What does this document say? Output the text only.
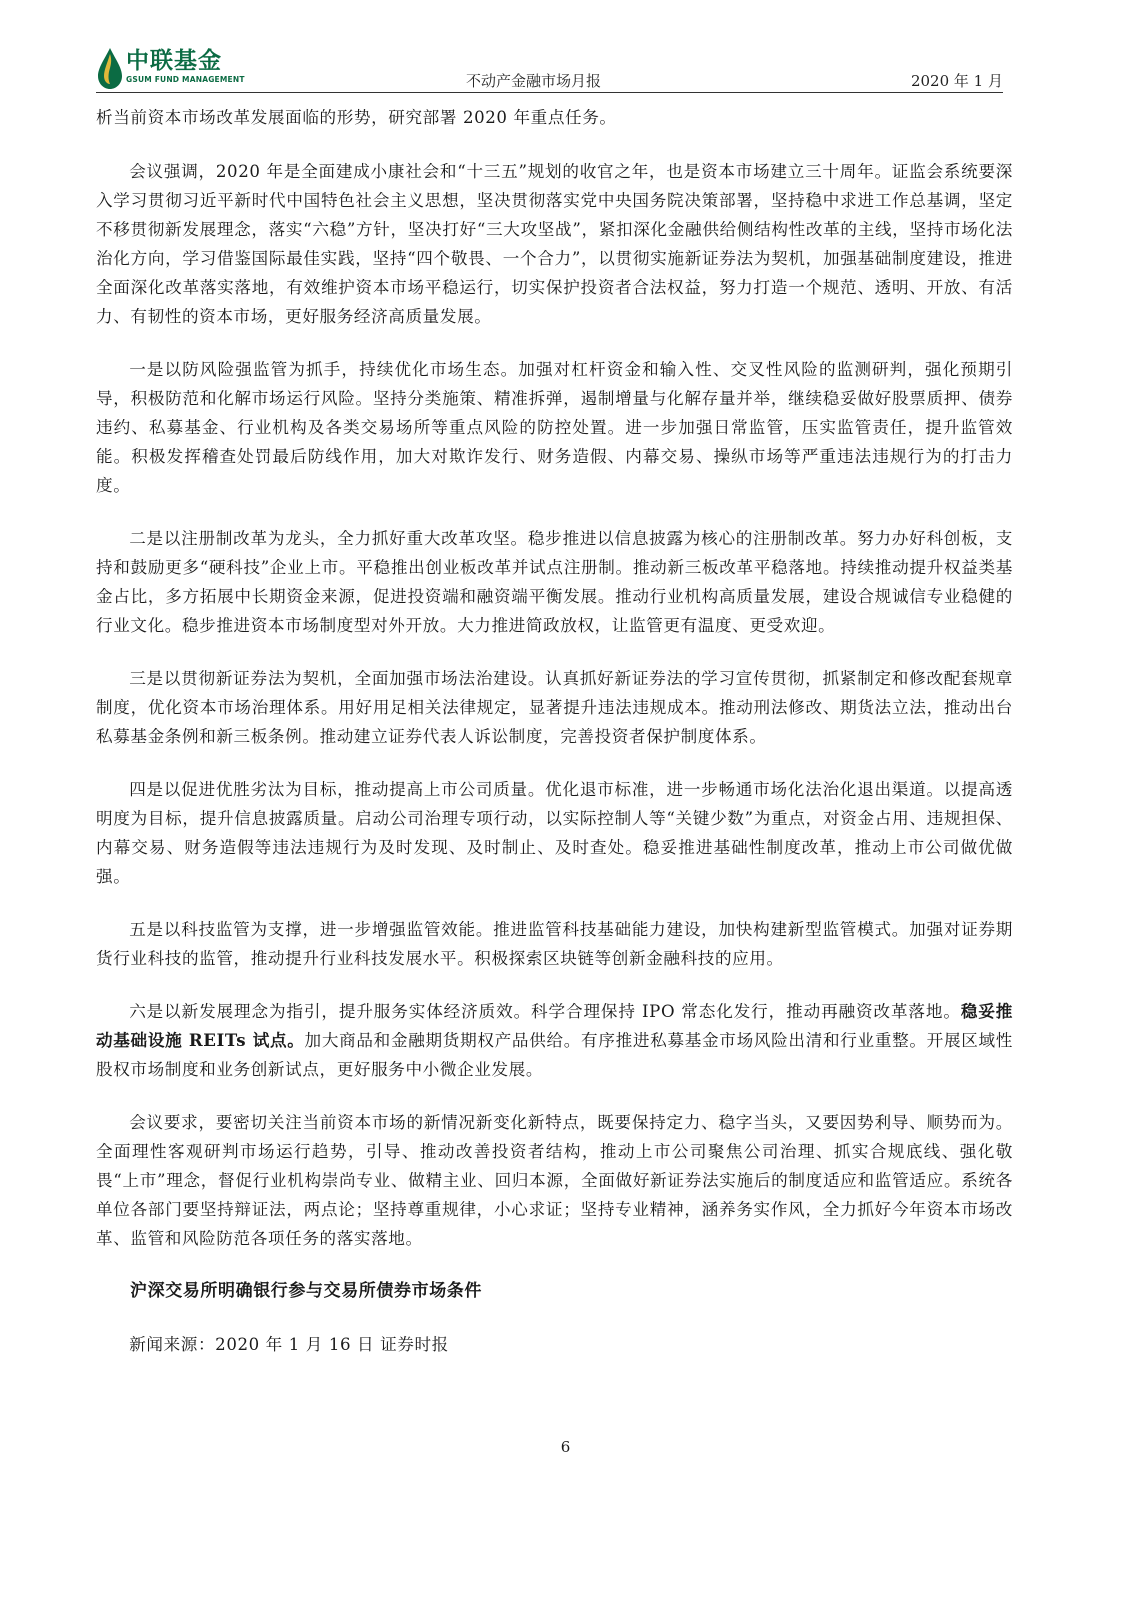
中联基金
GSUM FUND MANAGEMENT	不动产金融市场月报	2020 年 1 月

析当前资本市场改革发展面临的形势，研究部署 2020 年重点任务。

会议强调，2020 年是全面建成小康社会和“十三五”规划的收官之年，也是资本市场建立三十周年。证监会系统要深入学习贯彻习近平新时代中国特色社会主义思想，坚决贯彻落实党中央国务院决策部署，坚持稳中求进工作总基调，坚定不移贯彻新发展理念，落实“六稳”方针，坚决打好“三大攻坚战”，紧扣深化金融供给侧结构性改革的主线，坚持市场化法治化方向，学习借鉴国际最佳实践，坚持“四个敬畏、一个合力”，以贯彻实施新证券法为契机，加强基础制度建设，推进全面深化改革落实落地，有效维护资本市场平稳运行，切实保护投资者合法权益，努力打造一个规范、透明、开放、有活力、有韧性的资本市场，更好服务经济高质量发展。

一是以防风险强监管为抓手，持续优化市场生态。加强对杠杆资金和输入性、交叉性风险的监测研判，强化预期引导，积极防范和化解市场运行风险。坚持分类施策、精准拆弹，遏制增量与化解存量并举，继续稳妥做好股票质押、债券违约、私募基金、行业机构及各类交易场所等重点风险的防控处置。进一步加强日常监管，压实监管责任，提升监管效能。积极发挥稽查处罚最后防线作用，加大对欺诈发行、财务造假、内幕交易、操纵市场等严重违法违规行为的打击力度。

二是以注册制改革为龙头，全力抓好重大改革攻坚。稳步推进以信息披露为核心的注册制改革。努力办好科创板，支持和鼓励更多“硬科技”企业上市。平稳推出创业板改革并试点注册制。推动新三板改革平稳落地。持续推动提升权益类基金占比，多方拓展中长期资金来源，促进投资端和融资端平衡发展。推动行业机构高质量发展，建设合规诚信专业稳健的行业文化。稳步推进资本市场制度型对外开放。大力推进简政放权，让监管更有温度、更受欢迎。

三是以贯彻新证券法为契机，全面加强市场法治建设。认真抓好新证券法的学习宣传贯彻，抓紧制定和修改配套规章制度，优化资本市场治理体系。用好用足相关法律规定，显著提升违法违规成本。推动刑法修改、期货法立法，推动出台私募基金条例和新三板条例。推动建立证券代表人诉讼制度，完善投资者保护制度体系。

四是以促进优胜劣汰为目标，推动提高上市公司质量。优化退市标准，进一步畅通市场化法治化退出渠道。以提高透明度为目标，提升信息披露质量。启动公司治理专项行动，以实际控制人等“关键少数”为重点，对资金占用、违规担保、内幕交易、财务造假等违法违规行为及时发现、及时制止、及时查处。稳妥推进基础性制度改革，推动上市公司做优做强。

五是以科技监管为支撑，进一步增强监管效能。推进监管科技基础能力建设，加快构建新型监管模式。加强对证券期货行业科技的监管，推动提升行业科技发展水平。积极探索区块链等创新金融科技的应用。

六是以新发展理念为指引，提升服务实体经济质效。科学合理保持 IPO 常态化发行，推动再融资改革落地。稳妥推动基础设施 REITs 试点。加大商品和金融期货期权产品供给。有序推进私募基金市场风险出清和行业重整。开展区域性股权市场制度和业务创新试点，更好服务中小微企业发展。

会议要求，要密切关注当前资本市场的新情况新变化新特点，既要保持定力、稳字当头，又要因势利导、顺势而为。全面理性客观研判市场运行趋势，引导、推动改善投资者结构，推动上市公司聚焦公司治理、抓实合规底线、强化敬畏“上市”理念，督促行业机构崇尚专业、做精主业、回归本源，全面做好新证券法实施后的制度适应和监管适应。系统各单位各部门要坚持辩证法，两点论；坚持尊重规律，小心求证；坚持专业精神，涵养务实作风，全力抓好今年资本市场改革、监管和风险防范各项任务的落实落地。

沪深交易所明确银行参与交易所债券市场条件

新闻来源：2020 年 1 月 16 日 证券时报

6
